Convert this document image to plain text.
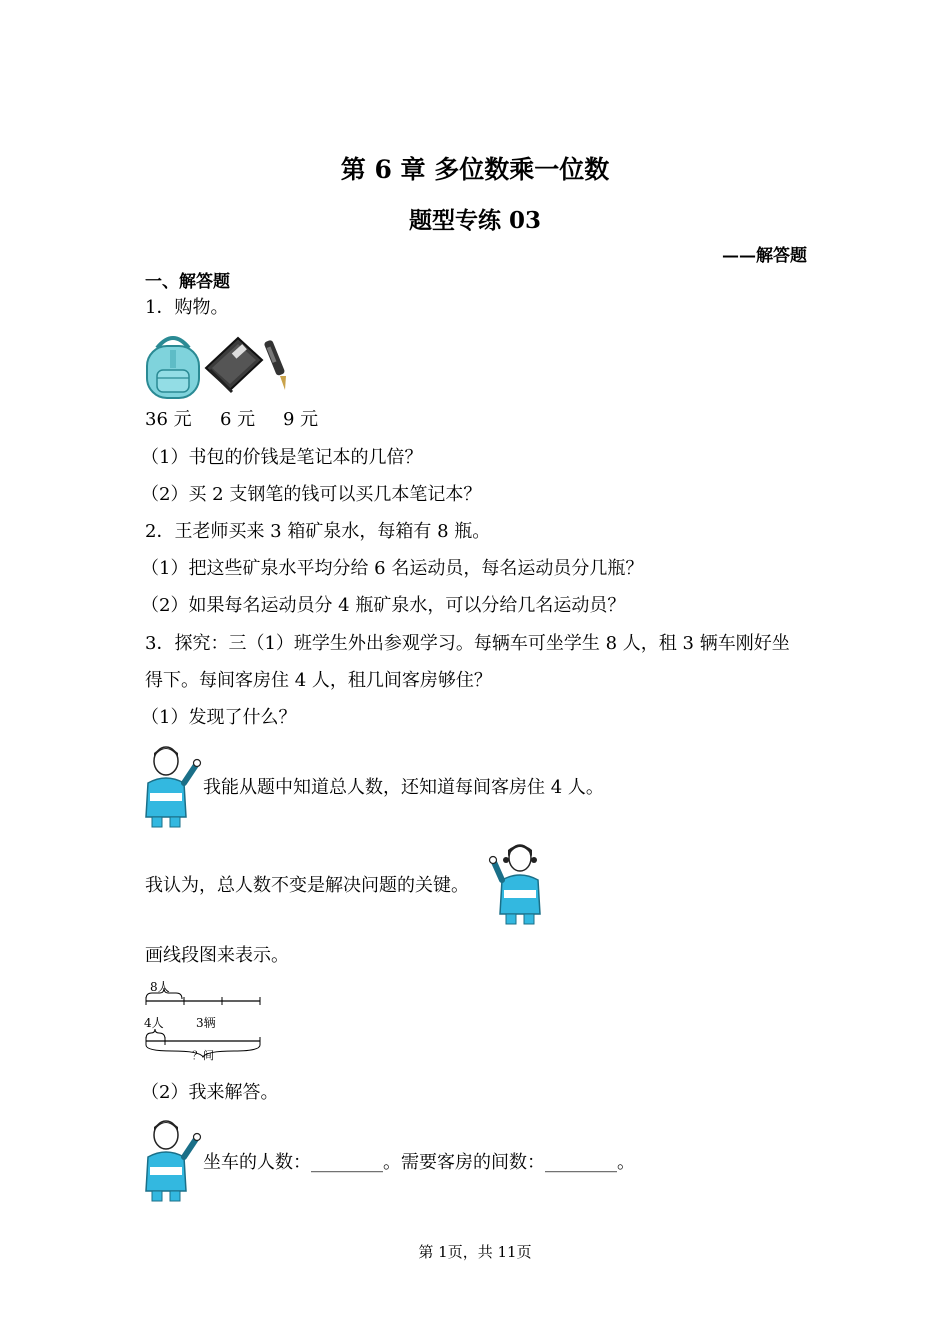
第 6 章 多位数乘一位数
题型专练 03
——解答题
一、解答题
1．购物。
36 元 6 元 9 元
（1）书包的价钱是笔记本的几倍？
（2）买 2 支钢笔的钱可以买几本笔记本？
2．王老师买来 3 箱矿泉水，每箱有 8 瓶。
（1）把这些矿泉水平均分给 6 名运动员，每名运动员分几瓶？
（2）如果每名运动员分 4 瓶矿泉水，可以分给几名运动员？
3．探究：三（1）班学生外出参观学习。每辆车可坐学生 8 人，租 3 辆车刚好坐
得下。每间客房住 4 人，租几间客房够住？
（1）发现了什么？
我能从题中知道总人数，还知道每间客房住 4 人。
我认为，总人数不变是解决问题的关键。
画线段图来表示。
8人
4人	3辆
？间
（2）我来解答。
坐车的人数：________。需要客房的间数：________。
第 1页，共 11页
